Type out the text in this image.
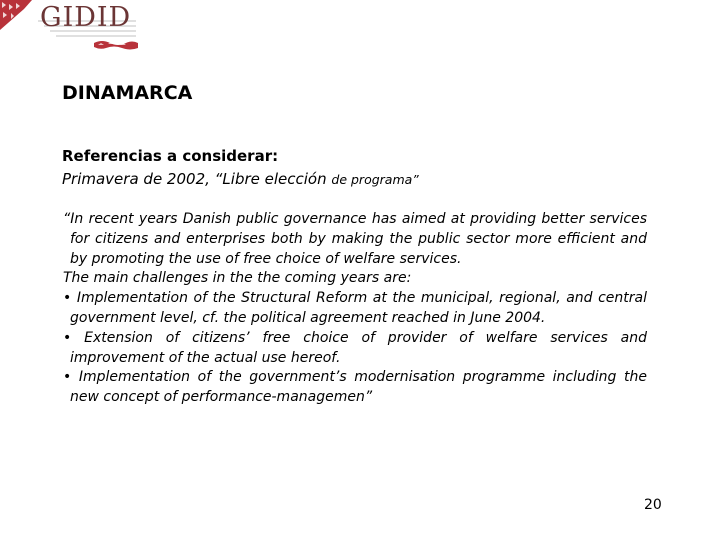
GIDID
DINAMARCA
Referencias a considerar:
Primavera de 2002, “Libre elección de programa”

“In recent years Danish public governance has aimed at providing better services for citizens and enterprises both by making the public sector more efficient and by promoting the use of free choice of welfare services.

The main challenges in the the coming years are:

• Implementation of the Structural Reform at the municipal, regional, and central government level, cf. the political agreement reached in June 2004.

• Extension of citizens’ free choice of provider of welfare services and improvement of the actual use hereof.

• Implementation of the government’s modernisation programme including the new concept of performance-managemen”

20
